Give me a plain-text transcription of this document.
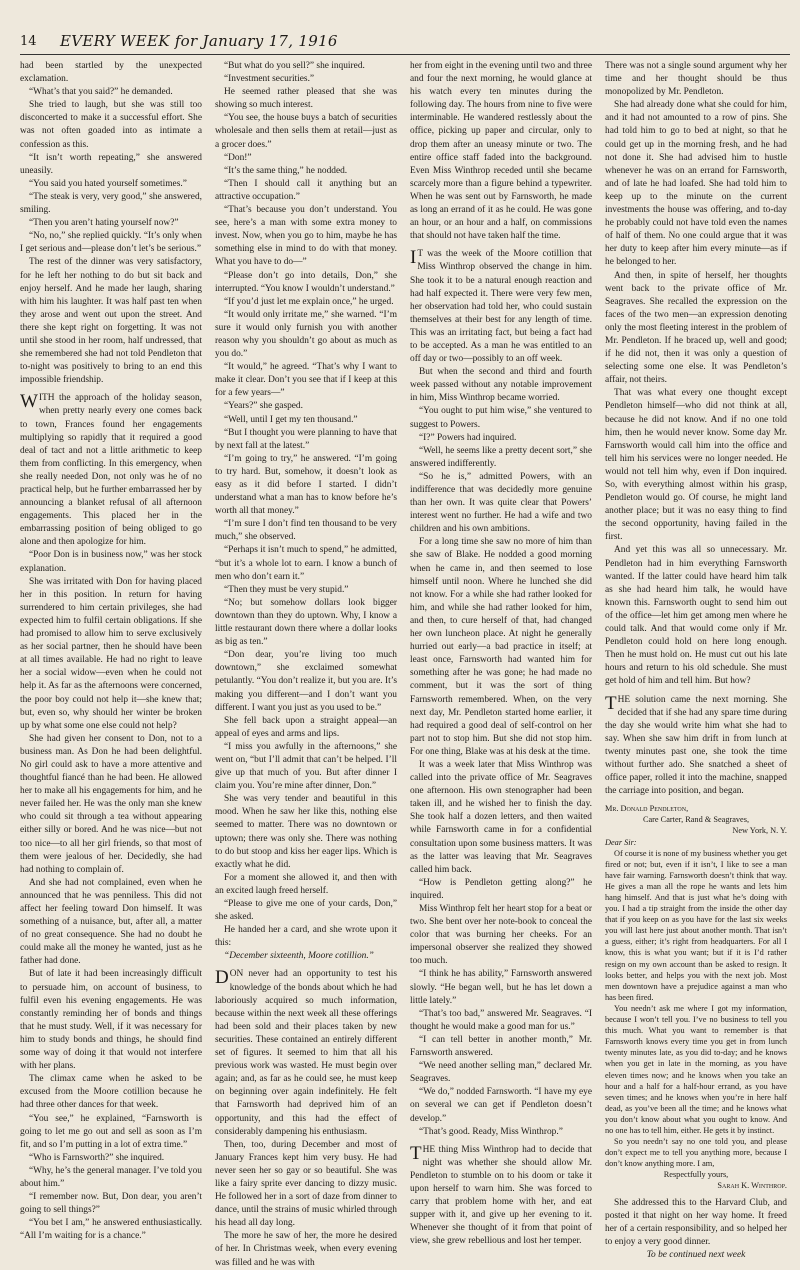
14 EVERY WEEK for January 17, 1916

had been startled by the unexpected exclamation.

“What’s that you said?” he demanded.

She tried to laugh, but she was still too disconcerted to make it a successful effort. She was not often goaded into as intimate a confession as this.

“It isn’t worth repeating,” she answered uneasily.

“You said you hated yourself sometimes.”

“The steak is very, very good,” she answered, smiling.

“Then you aren’t hating yourself now?”

“No, no,” she replied quickly. “It’s only when I get serious and—please don’t let’s be serious.”

The rest of the dinner was very satisfactory, for he left her nothing to do but sit back and enjoy herself. And he made her laugh, sharing with him his laughter. It was half past ten when they arose and went out upon the street. And there she kept right on forgetting. It was not until she stood in her room, half undressed, that she remembered she had not told Pendleton that to-night was positively to bring to an end this impossible friendship.

WITH the approach of the holiday season, when pretty nearly every one comes back to town, Frances found her engagements multiplying so rapidly that it required a good deal of tact and not a little arithmetic to keep them from conflicting. In this emergency, when she really needed Don, not only was he of no practical help, but he further embarrassed her by announcing a blanket refusal of all afternoon engagements. This placed her in the embarrassing position of being obliged to go alone and then apologize for him.

“Poor Don is in business now,” was her stock explanation.

She was irritated with Don for having placed her in this position. In return for having surrendered to him certain privileges, she had expected him to fulfil certain obligations. If she had promised to allow him to serve exclusively as her social partner, then he should have been at all times available. He had no right to leave her a social widow—even when he could not help it. As far as the afternoons were concerned, the poor boy could not help it—she knew that; but, even so, why should her winter be broken up by what some one else could not help?

She had given her consent to Don, not to a business man. As Don he had been delightful. No girl could ask to have a more attentive and thoughtful fiancé than he had been. He allowed her to make all his engagements for him, and he never failed her. He was the only man she knew who could sit through a tea without appearing either silly or bored. And he was nice—but not too nice—to all her girl friends, so that most of them were jealous of her. Decidedly, she had had nothing to complain of.

And she had not complained, even when he announced that he was penniless. This did not affect her feeling toward Don himself. It was something of a nuisance, but, after all, a matter of no great consequence. She had no doubt he could make all the money he wanted, just as he father had done.

But of late it had been increasingly difficult to persuade him, on account of business, to fulfil even his evening engagements. He was constantly reminding her of bonds and things that he must study. Well, if it was necessary for him to study bonds and things, he should find some way of doing it that would not interfere with her plans.

The climax came when he asked to be excused from the Moore cotillion because he had three other dances for that week.

“You see,” he explained, “Farnsworth is going to let me go out and sell as soon as I’m fit, and so I’m putting in a lot of extra time.”

“Who is Farnsworth?” she inquired.

“Why, he’s the general manager. I’ve told you about him.”

“I remember now. But, Don dear, you aren’t going to sell things?”

“You bet I am,” he answered enthusiastically. “All I’m waiting for is a chance.”

“But what do you sell?” she inquired.

“Investment securities.”

He seemed rather pleased that she was showing so much interest.

“You see, the house buys a batch of securities wholesale and then sells them at retail—just as a grocer does.”

“Don!”

“It’s the same thing,” he nodded.

“Then I should call it anything but an attractive occupation.”

“That’s because you don’t understand. You see, here’s a man with some extra money to invest. Now, when you go to him, maybe he has something else in mind to do with that money. What you have to do—”

“Please don’t go into details, Don,” she interrupted. “You know I wouldn’t understand.”

“If you’d just let me explain once,” he urged.

“It would only irritate me,” she warned. “I’m sure it would only furnish you with another reason why you shouldn’t go about as much as you do.”

“It would,” he agreed. “That’s why I want to make it clear. Don’t you see that if I keep at this for a few years—”

“Years?” she gasped.

“Well, until I get my ten thousand.”

“But I thought you were planning to have that by next fall at the latest.”

“I’m going to try,” he answered. “I’m going to try hard. But, somehow, it doesn’t look as easy as it did before I started. I didn’t understand what a man has to know before he’s worth all that money.”

“I’m sure I don’t find ten thousand to be very much,” she observed.

“Perhaps it isn’t much to spend,” he admitted, “but it’s a whole lot to earn. I know a bunch of men who don’t earn it.”

“Then they must be very stupid.”

“No; but somehow dollars look bigger downtown than they do uptown. Why, I know a little restaurant down there where a dollar looks as big as ten.”

“Don dear, you’re living too much downtown,” she exclaimed somewhat petulantly. “You don’t realize it, but you are. It’s making you different—and I don’t want you different. I want you just as you used to be.”

She fell back upon a straight appeal—an appeal of eyes and arms and lips.

“I miss you awfully in the afternoons,” she went on, “but I’ll admit that can’t be helped. I’ll give up that much of you. But after dinner I claim you. You’re mine after dinner, Don.”

She was very tender and beautiful in this mood. When he saw her like this, nothing else seemed to matter. There was no downtown or uptown; there was only she. There was nothing to do but stoop and kiss her eager lips. Which is exactly what he did.

For a moment she allowed it, and then with an excited laugh freed herself.

“Please to give me one of your cards, Don,” she asked.

He handed her a card, and she wrote upon it this:

“December sixteenth, Moore cotillion.”

DON never had an opportunity to test his knowledge of the bonds about which he had laboriously acquired so much information, because within the next week all these offerings had been sold and their places taken by new securities. These contained an entirely different set of figures. It seemed to him that all his previous work was wasted. He must begin over again; and, as far as he could see, he must keep on beginning over again indefinitely. He felt that Farnsworth had deprived him of an opportunity, and this had the effect of considerably dampening his enthusiasm.

Then, too, during December and most of January Frances kept him very busy. He had never seen her so gay or so beautiful. She was like a fairy sprite ever dancing to dizzy music. He followed her in a sort of daze from dinner to dance, until the strains of music whirled through his head all day long.

The more he saw of her, the more he desired of her. In Christmas week, when every evening was filled and he was with

her from eight in the evening until two and three and four the next morning, he would glance at his watch every ten minutes during the following day. The hours from nine to five were interminable. He wandered restlessly about the office, picking up paper and circular, only to drop them after an uneasy minute or two. The entire office staff faded into the background. Even Miss Winthrop receded until she became scarcely more than a figure behind a typewriter. When he was sent out by Farnsworth, he made as long an errand of it as he could. He was gone an hour, or an hour and a half, on commissions that should not have taken half the time.

IT was the week of the Moore cotillion that Miss Winthrop observed the change in him. She took it to be a natural enough reaction and had half expected it. There were very few men, her observation had told her, who could sustain themselves at their best for any length of time. This was an irritating fact, but being a fact had to be accepted. As a man he was entitled to an off day or two—possibly to an off week.

But when the second and third and fourth week passed without any notable improvement in him, Miss Winthrop became worried.

“You ought to put him wise,” she ventured to suggest to Powers.

“I?” Powers had inquired.

“Well, he seems like a pretty decent sort,” she answered indifferently.

“So he is,” admitted Powers, with an indifference that was decidedly more genuine than her own. It was quite clear that Powers’ interest went no further. He had a wife and two children and his own ambitions.

For a long time she saw no more of him than she saw of Blake. He nodded a good morning when he came in, and then seemed to lose himself until noon. Where he lunched she did not know. For a while she had rather looked for him, and while she had rather looked for him, and then, to cure herself of that, had changed her own luncheon place. At night he generally hurried out early—a bad practice in itself; at least once, Farnsworth had wanted him for something after he was gone; he had made no comment, but it was the sort of thing Farnsworth remembered. When, on the very next day, Mr. Pendleton started home earlier, it had required a good deal of self-control on her part not to stop him. But she did not stop him. For one thing, Blake was at his desk at the time.

It was a week later that Miss Winthrop was called into the private office of Mr. Seagraves one afternoon. His own stenographer had been taken ill, and he wished her to finish the day. She took half a dozen letters, and then waited while Farnsworth came in for a confidential consultation upon some business matters. It was as the latter was leaving that Mr. Seagraves called him back.

“How is Pendleton getting along?” he inquired.

Miss Winthrop felt her heart stop for a beat or two. She bent over her note-book to conceal the color that was burning her cheeks. For an impersonal observer she realized they showed too much.

“I think he has ability,” Farnsworth answered slowly. “He began well, but he has let down a little lately.”

“That’s too bad,” answered Mr. Seagraves. “I thought he would make a good man for us.”

“I can tell better in another month,” Mr. Farnsworth answered.

“We need another selling man,” declared Mr. Seagraves.

“We do,” nodded Farnsworth. “I have my eye on several we can get if Pendleton doesn’t develop.”

“That’s good. Ready, Miss Winthrop.”

THE thing Miss Winthrop had to decide that night was whether she should allow Mr. Pendleton to stumble on to his doom or take it upon herself to warn him. She was forced to carry that problem home with her, and eat supper with it, and give up her evening to it. Whenever she thought of it from that point of view, she grew rebellious and lost her temper.

There was not a single sound argument why her time and her thought should be thus monopolized by Mr. Pendleton.

She had already done what she could for him, and it had not amounted to a row of pins. She had told him to go to bed at night, so that he could get up in the morning fresh, and he had not done it. She had advised him to hustle whenever he was on an errand for Farnsworth, and of late he had loafed. She had told him to keep up to the minute on the current investments the house was offering, and to-day he probably could not have told even the names of half of them. No one could argue that it was her duty to keep after him every minute—as if he belonged to her.

And then, in spite of herself, her thoughts went back to the private office of Mr. Seagraves. She recalled the expression on the faces of the two men—an expression denoting only the most fleeting interest in the problem of Mr. Pendleton. If he braced up, well and good; if he did not, then it was only a question of selecting some one else. It was Pendleton’s affair, not theirs.

That was what every one thought except Pendleton himself—who did not think at all, because he did not know. And if no one told him, then he would never know. Some day Mr. Farnsworth would call him into the office and tell him his services were no longer needed. He would not tell him why, even if Don inquired. So, with everything almost within his grasp, Pendleton would go. Of course, he might land another place; but it was no easy thing to find the second opportunity, having failed in the first.

And yet this was all so unnecessary. Mr. Pendleton had in him everything Farnsworth wanted. If the latter could have heard him talk as she had heard him talk, he would have known this. Farnsworth ought to send him out of the office—let him get among men where he could talk. And that would come only if Mr. Pendleton could hold on here long enough. Then he must hold on. He must cut out his late hours and return to his old schedule. She must get hold of him and tell him. But how?

THE solution came the next morning. She decided that if she had any spare time during the day she would write him what she had to say. When she saw him drift in from lunch at twenty minutes past one, she took the time without further ado. She snatched a sheet of office paper, rolled it into the machine, snapped the carriage into position, and began.

Mr. Donald Pendleton,

Care Carter, Rand & Seagraves,

New York, N. Y.

Dear Sir:

Of course it is none of my business whether you get fired or not; but, even if it isn’t, I like to see a man have fair warning. Farnsworth doesn’t think that way. He gives a man all the rope he wants and lets him hang himself. And that is just what he’s doing with you. I had a tip straight from the inside the other day that if you keep on as you have for the last six weeks you will last here just about another month. That isn’t a guess, either; it’s right from headquarters. For all I know, this is what you want; but if it is I’d rather resign on my own account than be asked to resign. It looks better, and helps you with the next job. Most men downtown have a prejudice against a man who has been fired.

You needn’t ask me where I got my information, because I won’t tell you. I’ve no business to tell you this much. What you want to remember is that Farnsworth knows every time you get in from lunch twenty minutes late, as you did to-day; and he knows when you get in late in the morning, as you have eleven times now; and he knows when you take an hour and a half for a half-hour errand, as you have seven times; and he knows when you’re in here half dead, as you’ve been all the time; and he knows what you don’t know about what you ought to know. And no one has to tell him, either. He gets it by instinct.

So you needn’t say no one told you, and please don’t expect me to tell you anything more, because I don’t know anything more. I am,

Respectfully yours,

Sarah K. Winthrop.

She addressed this to the Harvard Club, and posted it that night on her way home. It freed her of a certain responsibility, and so helped her to enjoy a very good dinner.

To be continued next week
